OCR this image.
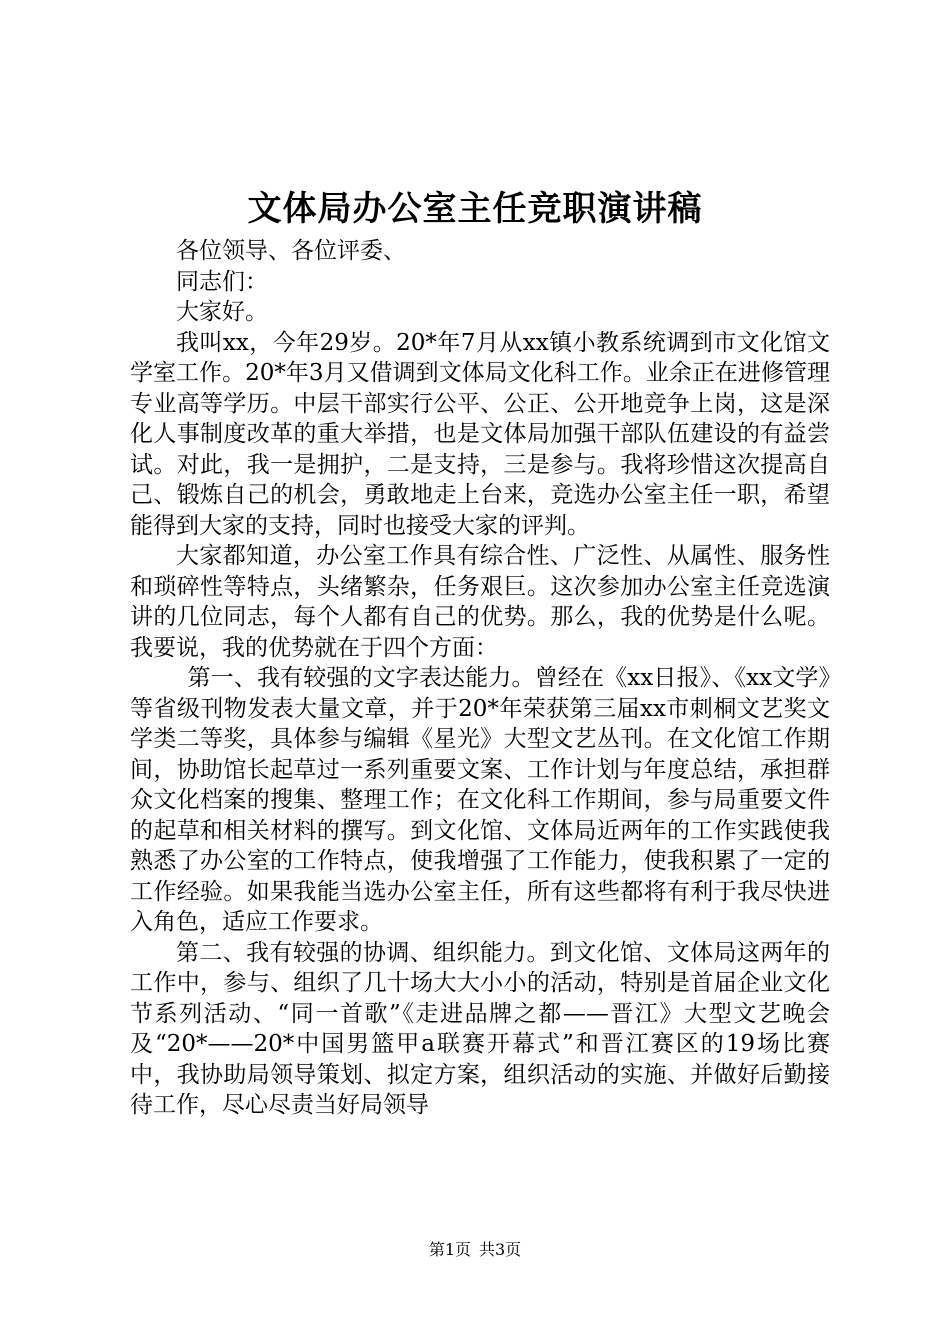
文体局办公室主任竞职演讲稿

各位领导、各位评委、

同志们：

大家好。

我叫xx，今年29岁。20*年7月从xx镇小教系统调到市文化馆文学室工作。20*年3月又借调到文体局文化科工作。业余正在进修管理专业高等学历。中层干部实行公平、公正、公开地竞争上岗，这是深化人事制度改革的重大举措，也是文体局加强干部队伍建设的有益尝试。对此，我一是拥护，二是支持，三是参与。我将珍惜这次提高自己、锻炼自己的机会，勇敢地走上台来，竞选办公室主任一职，希望能得到大家的支持，同时也接受大家的评判。

大家都知道，办公室工作具有综合性、广泛性、从属性、服务性和琐碎性等特点，头绪繁杂，任务艰巨。这次参加办公室主任竞选演讲的几位同志，每个人都有自己的优势。那么，我的优势是什么呢。我要说，我的优势就在于四个方面：

第一、我有较强的文字表达能力。曾经在《xx日报》、《xx文学》等省级刊物发表大量文章，并于20*年荣获第三届xx市刺桐文艺奖文学类二等奖，具体参与编辑《星光》大型文艺丛刊。在文化馆工作期间，协助馆长起草过一系列重要文案、工作计划与年度总结，承担群众文化档案的搜集、整理工作；在文化科工作期间，参与局重要文件的起草和相关材料的撰写。到文化馆、文体局近两年的工作实践使我熟悉了办公室的工作特点，使我增强了工作能力，使我积累了一定的工作经验。如果我能当选办公室主任，所有这些都将有利于我尽快进入角色，适应工作要求。

第二、我有较强的协调、组织能力。到文化馆、文体局这两年的工作中，参与、组织了几十场大大小小的活动，特别是首届企业文化节系列活动、“同一首歌”《走进品牌之都——晋江》大型文艺晚会及“20*——20*中国男篮甲a联赛开幕式”和晋江赛区的19场比赛中，我协助局领导策划、拟定方案，组织活动的实施、并做好后勤接待工作，尽心尽责当好局领导

第1页 共3页
